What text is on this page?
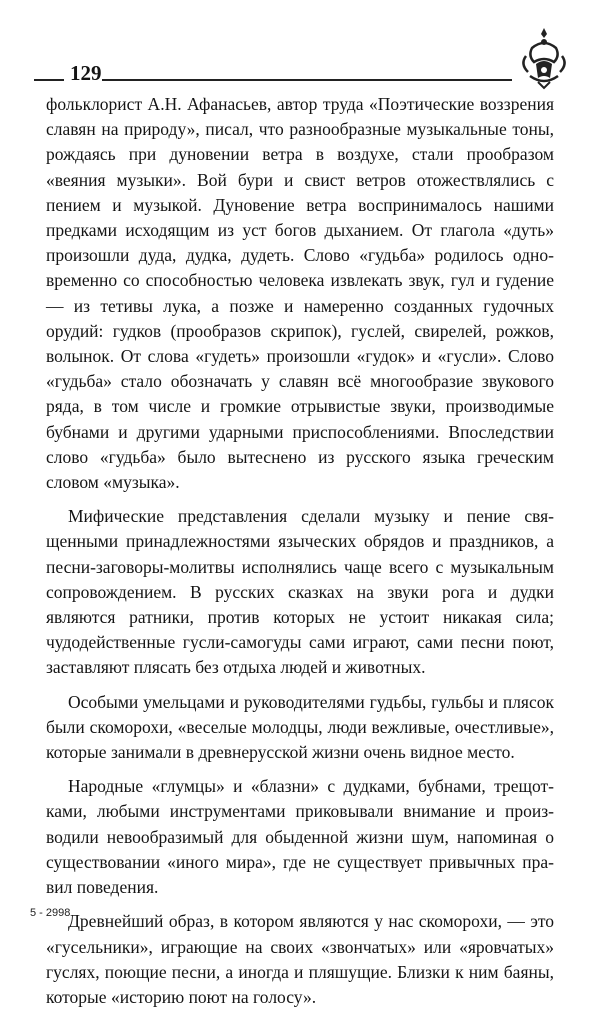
129

фольклорист А.Н. Афанасьев, автор труда «Поэтические воззрения славян на природу», писал, что разнообразные музыкальные тоны, рождаясь при дуновении ветра в воздухе, стали прообразом «веяния музыки». Вой бури и свист ветров отожествлялись с пением и музыкой. Дуновение ветра воспринималось нашими предками исходящим из уст богов дыханием. От глагола «дуть» произошли дуда, дудка, дудеть. Слово «гудьба» родилось одновременно со способностью человека извлекать звук, гул и гудение — из тетивы лука, а позже и намеренно созданных гудочных орудий: гудков (прообразов скрипок), гуслей, свирелей, рожков, волынок. От слова «гудеть» произошли «гудок» и «гусли». Слово «гудьба» стало обозначать у славян всё многообразие звукового ряда, в том числе и громкие отрывистые звуки, производимые бубнами и другими ударными приспособлениями. Впоследствии слово «гудьба» было вытеснено из русского языка греческим словом «музыка».

Мифические представления сделали музыку и пение священными принадлежностями языческих обрядов и праздников, а песни-заговоры-молитвы исполнялись чаще всего с музыкальным сопровождением. В русских сказках на звуки рога и дудки являются ратники, против которых не устоит никакая сила; чудодейственные гусли-самогуды сами играют, сами песни поют, заставляют плясать без отдыха людей и животных.

Особыми умельцами и руководителями гудьбы, гульбы и плясок были скоморохи, «веселые молодцы, люди вежливые, очестливые», которые занимали в древнерусской жизни очень видное место.

Народные «глумцы» и «блазни» с дудками, бубнами, трещотками, любыми инструментами приковывали внимание и производили невообразимый для обыденной жизни шум, напоминая о существовании «иного мира», где не существует привычных правил поведения.

Древнейший образ, в котором являются у нас скоморохи, — это «гусельники», играющие на своих «звончатых» или «яровчатых» гуслях, поющие песни, а иногда и пляшущие. Близки к ним баяны, которые «историю поют на голосу».

5 - 2998
